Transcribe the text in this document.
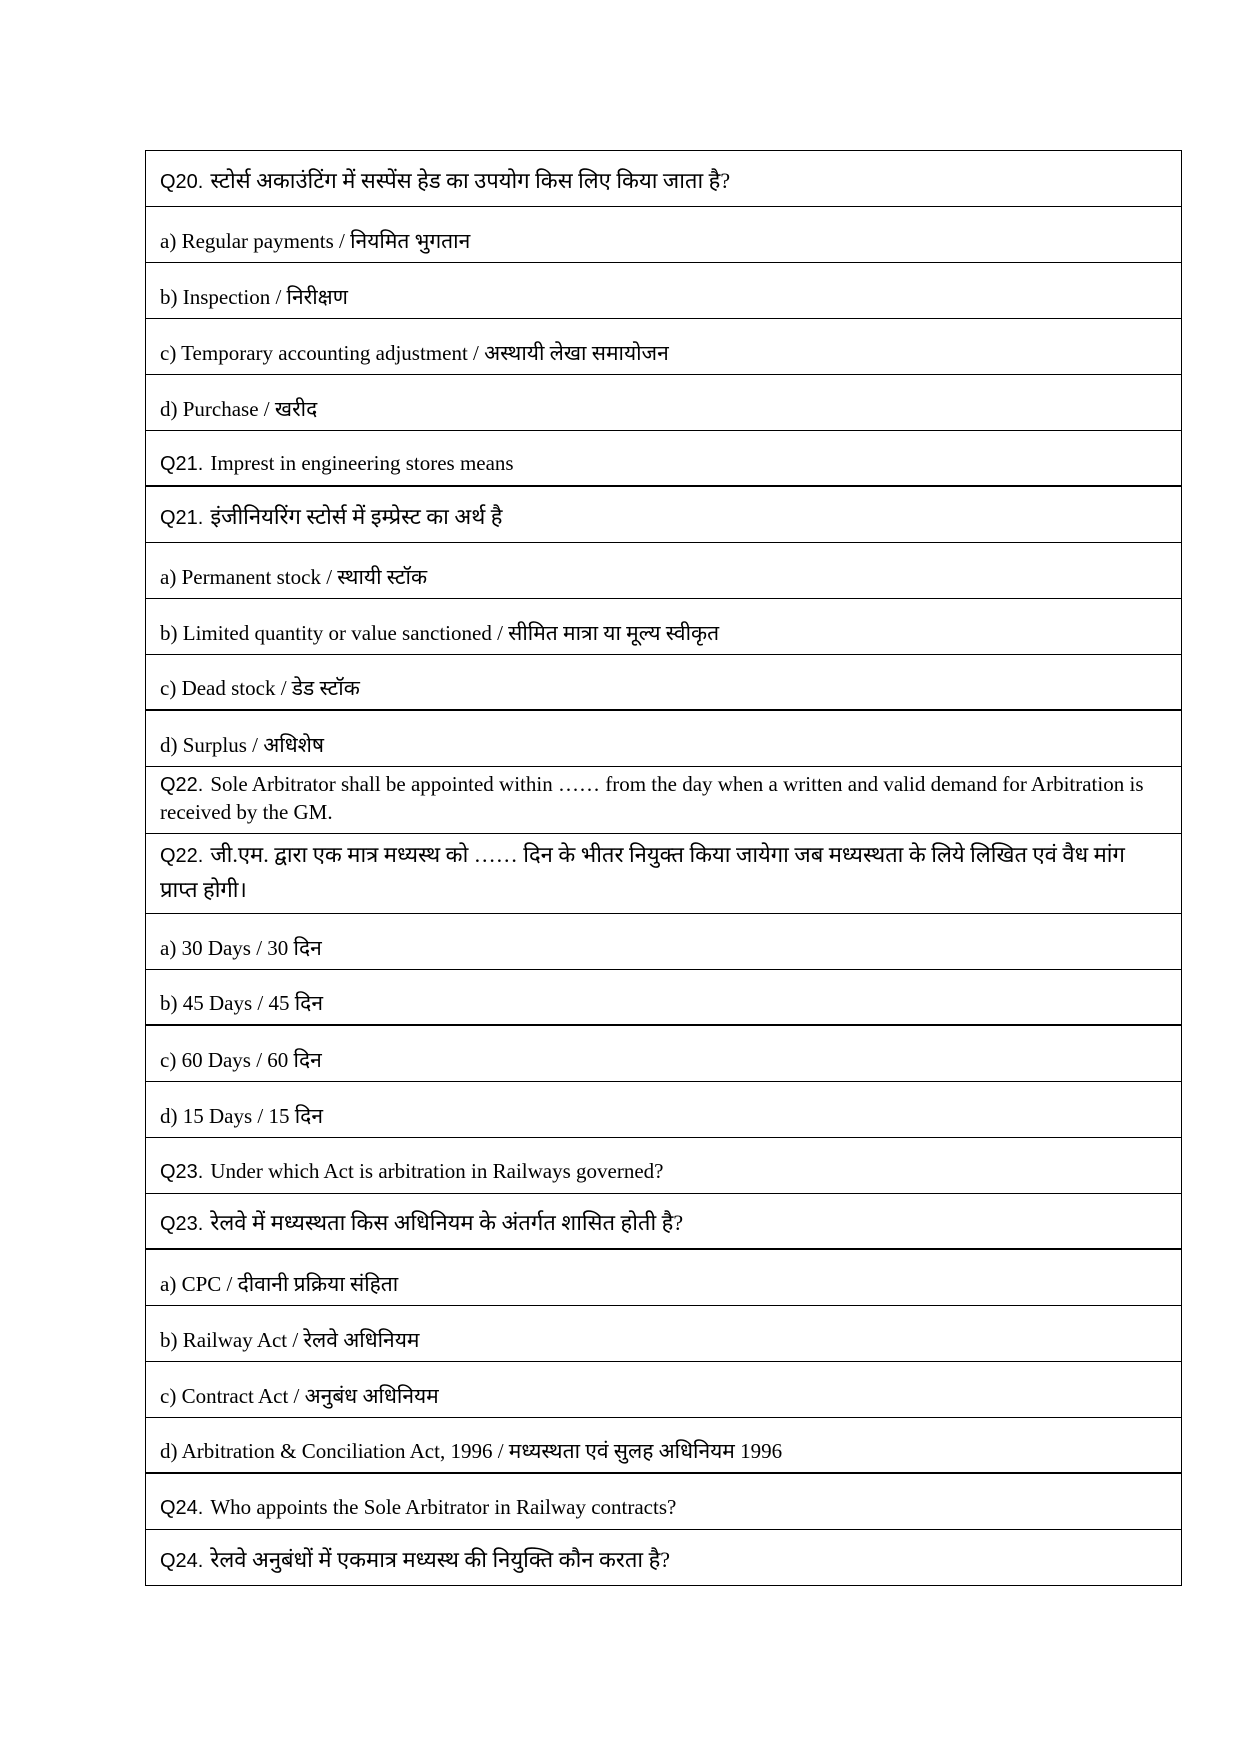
Q20. स्टोर्स अकाउंटिंग में सस्पेंस हेड का उपयोग किस लिए किया जाता है?
a) Regular payments / नियमित भुगतान
b) Inspection / निरीक्षण
c) Temporary accounting adjustment / अस्थायी लेखा समायोजन
d) Purchase / खरीद
Q21. Imprest in engineering stores means
Q21. इंजीनियरिंग स्टोर्स में इम्प्रेस्ट का अर्थ है
a) Permanent stock / स्थायी स्टॉक
b) Limited quantity or value sanctioned / सीमित मात्रा या मूल्य स्वीकृत
c) Dead stock / डेड स्टॉक
d) Surplus / अधिशेष
Q22. Sole Arbitrator shall be appointed within …… from the day when a written and valid demand for Arbitration is received by the GM.
Q22. जी.एम. द्वारा एक मात्र मध्यस्थ को …… दिन के भीतर नियुक्त किया जायेगा जब मध्यस्थता के लिये लिखित एवं वैध मांग प्राप्त होगी।
a) 30 Days / 30 दिन
b) 45 Days / 45 दिन
c) 60 Days / 60 दिन
d) 15 Days / 15 दिन
Q23. Under which Act is arbitration in Railways governed?
Q23. रेलवे में मध्यस्थता किस अधिनियम के अंतर्गत शासित होती है?
a) CPC / दीवानी प्रक्रिया संहिता
b) Railway Act / रेलवे अधिनियम
c) Contract Act / अनुबंध अधिनियम
d) Arbitration & Conciliation Act, 1996 / मध्यस्थता एवं सुलह अधिनियम 1996
Q24. Who appoints the Sole Arbitrator in Railway contracts?
Q24. रेलवे अनुबंधों में एकमात्र मध्यस्थ की नियुक्ति कौन करता है?
